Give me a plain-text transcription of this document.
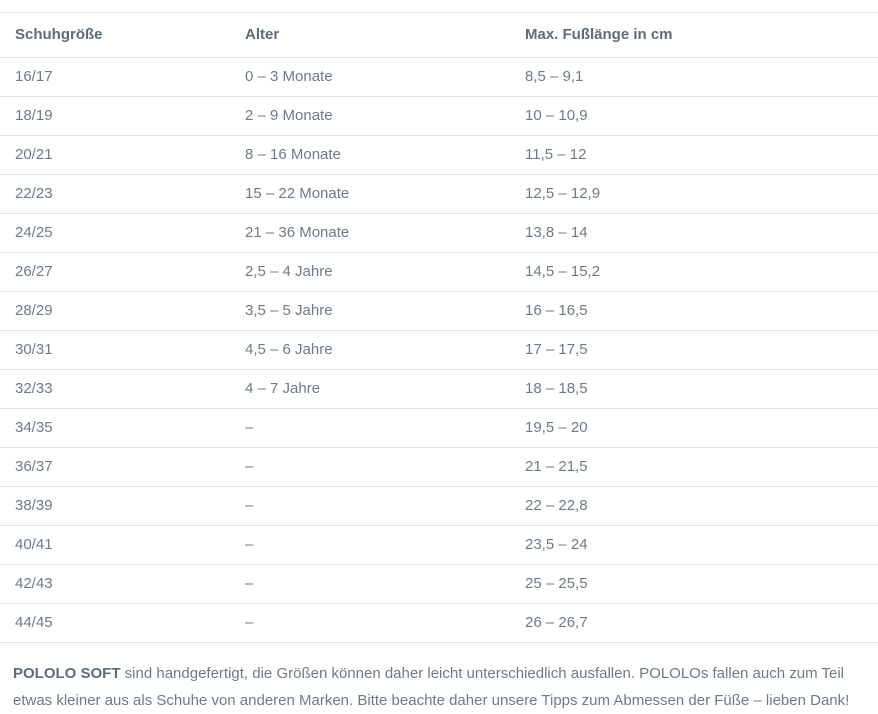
Schuhgröße	Alter	Max. Fußlänge in cm
16/17	0 – 3 Monate	8,5 – 9,1
18/19	2 – 9 Monate	10 – 10,9
20/21	8 – 16 Monate	11,5 – 12
22/23	15 – 22 Monate	12,5 – 12,9
24/25	21 – 36 Monate	13,8 – 14
26/27	2,5 – 4 Jahre	14,5 – 15,2
28/29	3,5 – 5 Jahre	16 – 16,5
30/31	4,5 – 6 Jahre	17 – 17,5
32/33	4 – 7 Jahre	18 – 18,5
34/35	–	19,5 – 20
36/37	–	21 – 21,5
38/39	–	22 – 22,8
40/41	–	23,5 – 24
42/43	–	25 – 25,5
44/45	–	26 – 26,7

POLOLO SOFT sind handgefertigt, die Größen können daher leicht unterschiedlich ausfallen. POLOLOs fallen auch zum Teil etwas kleiner aus als Schuhe von anderen Marken. Bitte beachte daher unsere Tipps zum Abmessen der Füße – lieben Dank!
